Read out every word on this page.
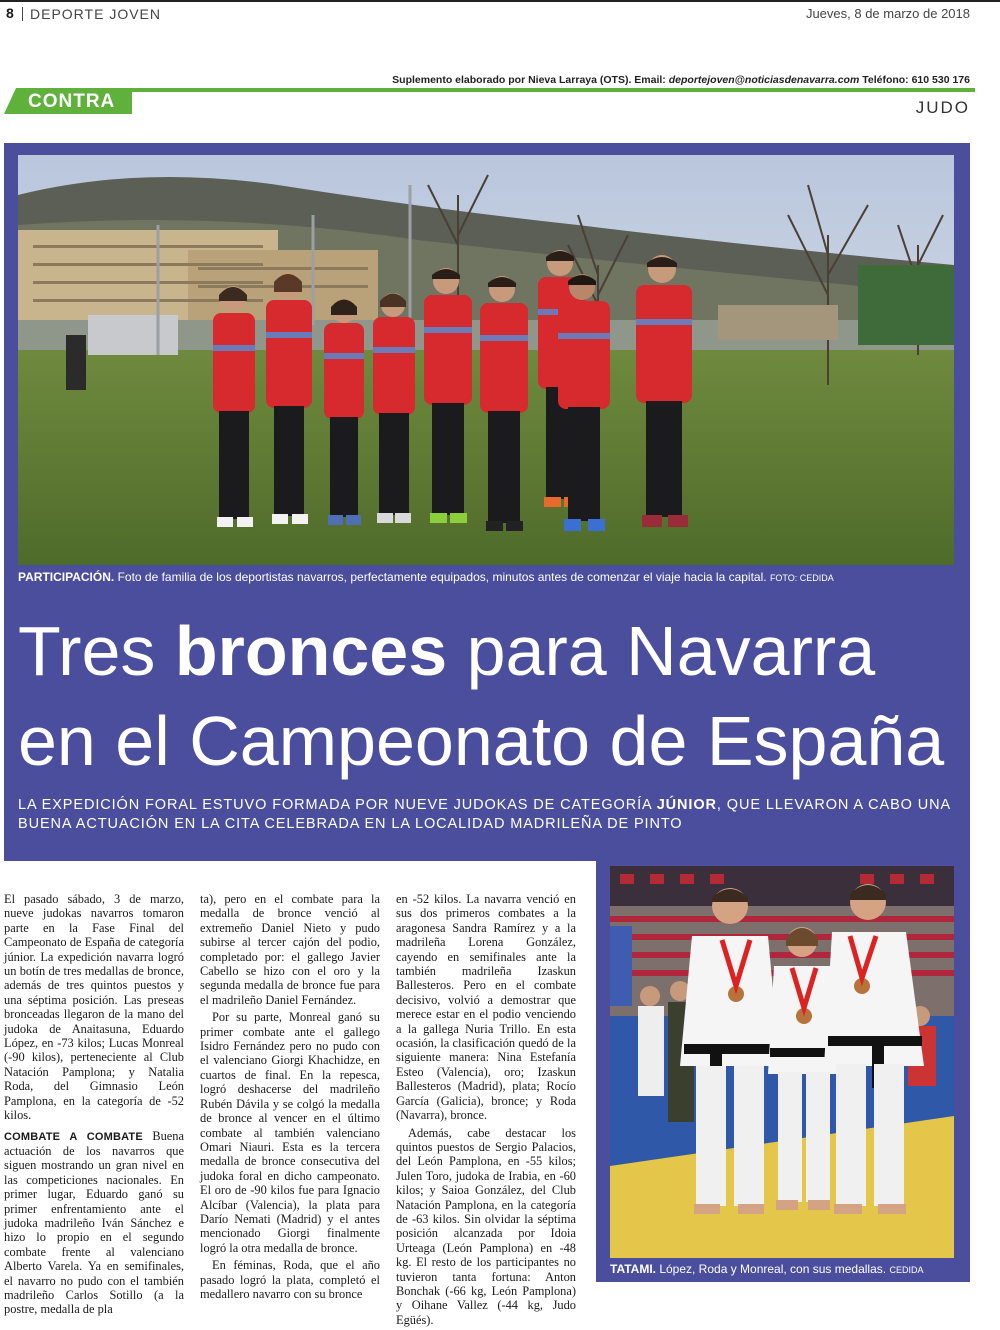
8 DEPORTE JOVEN	Jueves, 8 de marzo de 2018
Suplemento elaborado por Nieva Larraya (OTS). Email: deportejoven@noticiasdenavarra.com Teléfono: 610 530 176
CONTRA	JUDO
PARTICIPACIÓN. Foto de familia de los deportistas navarros, perfectamente equipados, minutos antes de comenzar el viaje hacia la capital. FOTO: CEDIDA
Tres bronces para Navarra
en el Campeonato de España
LA EXPEDICIÓN FORAL ESTUVO FORMADA POR NUEVE JUDOKAS DE CATEGORÍA JÚNIOR, QUE LLEVARON A CABO UNA BUENA ACTUACIÓN EN LA CITA CELEBRADA EN LA LOCALIDAD MADRILEÑA DE PINTO

El pasado sábado, 3 de marzo, nueve judokas navarros tomaron parte en la Fase Final del Campeonato de España de categoría júnior. La expedición navarra logró un botín de tres medallas de bronce, además de tres quintos puestos y una séptima posición. Las preseas bronceadas llegaron de la mano del judoka de Anaitasuna, Eduardo López, en -73 kilos; Lucas Monreal (-90 kilos), perteneciente al Club Natación Pamplona; y Natalia Roda, del Gimnasio León Pamplona, en la categoría de -52 kilos.

COMBATE A COMBATE Buena actuación de los navarros que siguen mostrando un gran nivel en las competiciones nacionales. En primer lugar, Eduardo ganó su primer enfrentamiento ante el judoka madrileño Iván Sánchez e hizo lo propio en el segundo combate frente al valenciano Alberto Varela. Ya en semifinales, el navarro no pudo con el también madrileño Carlos Sotillo (a la postre, medalla de pla

ta), pero en el combate para la medalla de bronce venció al extremeño Daniel Nieto y pudo subirse al tercer cajón del podio, completado por: el gallego Javier Cabello se hizo con el oro y la segunda medalla de bronce fue para el madrileño Daniel Fernández.

Por su parte, Monreal ganó su primer combate ante el gallego Isidro Fernández pero no pudo con el valenciano Giorgi Khachidze, en cuartos de final. En la repesca, logró deshacerse del madrileño Rubén Dávila y se colgó la medalla de bronce al vencer en el último combate al también valenciano Omari Niauri. Esta es la tercera medalla de bronce consecutiva del judoka foral en dicho campeonato. El oro de -90 kilos fue para Ignacio Alcíbar (Valencia), la plata para Darío Nemati (Madrid) y el antes mencionado Giorgi finalmente logró la otra medalla de bronce.

En féminas, Roda, que el año pasado logró la plata, completó el medallero navarro con su bronce

en -52 kilos. La navarra venció en sus dos primeros combates a la aragonesa Sandra Ramírez y a la madrileña Lorena González, cayendo en semifinales ante la también madrileña Izaskun Ballesteros. Pero en el combate decisivo, volvió a demostrar que merece estar en el podio venciendo a la gallega Nuria Trillo. En esta ocasión, la clasificación quedó de la siguiente manera: Nina Estefanía Esteo (Valencia), oro; Izaskun Ballesteros (Madrid), plata; Rocío García (Galicia), bronce; y Roda (Navarra), bronce.

Además, cabe destacar los quintos puestos de Sergio Palacios, del León Pamplona, en -55 kilos; Julen Toro, judoka de Irabia, en -60 kilos; y Saioa González, del Club Natación Pamplona, en la categoría de -63 kilos. Sin olvidar la séptima posición alcanzada por Idoia Urteaga (León Pamplona) en -48 kg. El resto de los participantes no tuvieron tanta fortuna: Anton Bonchak (-66 kg, León Pamplona) y Oihane Vallez (-44 kg, Judo Egüés).

TATAMI. López, Roda y Monreal, con sus medallas. CEDIDA
